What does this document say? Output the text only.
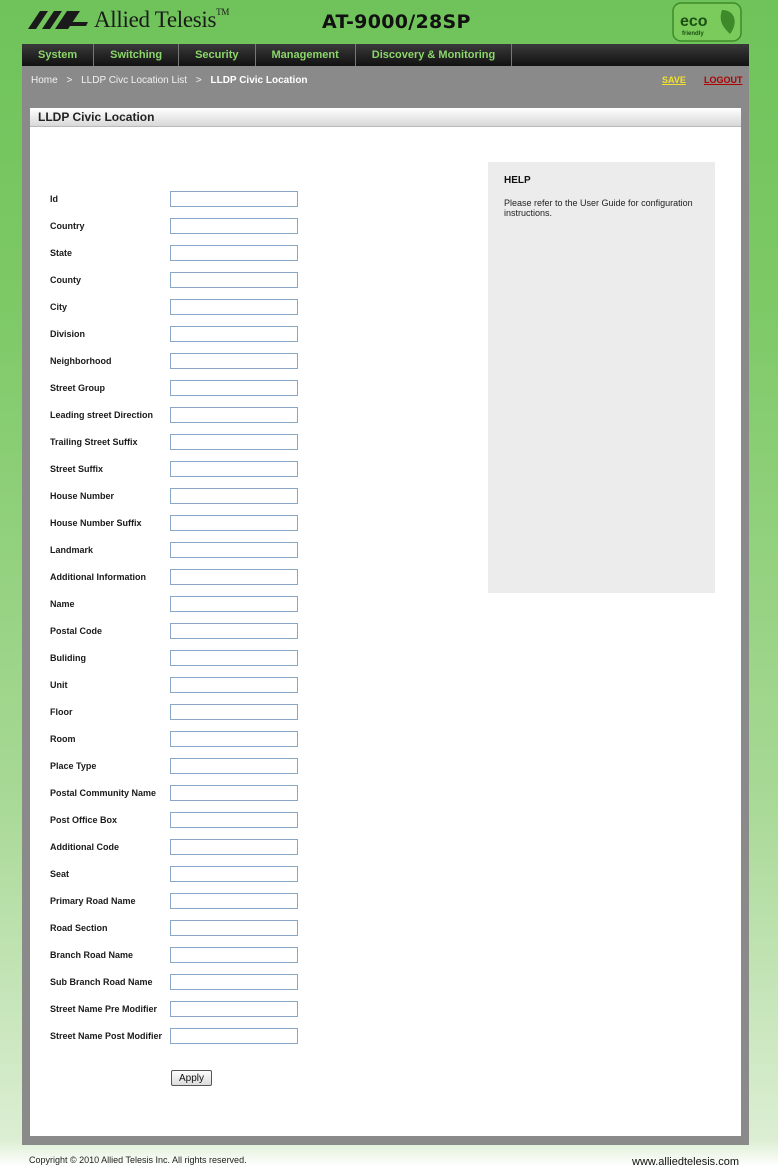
Allied Telesis™	AT-9000/28SP	eco
friendly
System	Switching	Security	Management	Discovery & Monitoring
Home > LLDP Civc Location List > LLDP Civic Location	SAVE LOGOUT
LLDP Civic Location
Id
Country
State
County
City
Division
Neighborhood
Street Group
Leading street Direction
Trailing Street Suffix
Street Suffix
House Number
House Number Suffix
Landmark
Additional Information
Name
Postal Code
Buliding
Unit
Floor
Room
Place Type
Postal Community Name
Post Office Box
Additional Code
Seat
Primary Road Name
Road Section
Branch Road Name
Sub Branch Road Name
Street Name Pre Modifier
Street Name Post Modifier
Apply
HELP
Please refer to the User Guide for configuration instructions.
Copyright © 2010 Allied Telesis Inc. All rights reserved.	www.alliedtelesis.com
